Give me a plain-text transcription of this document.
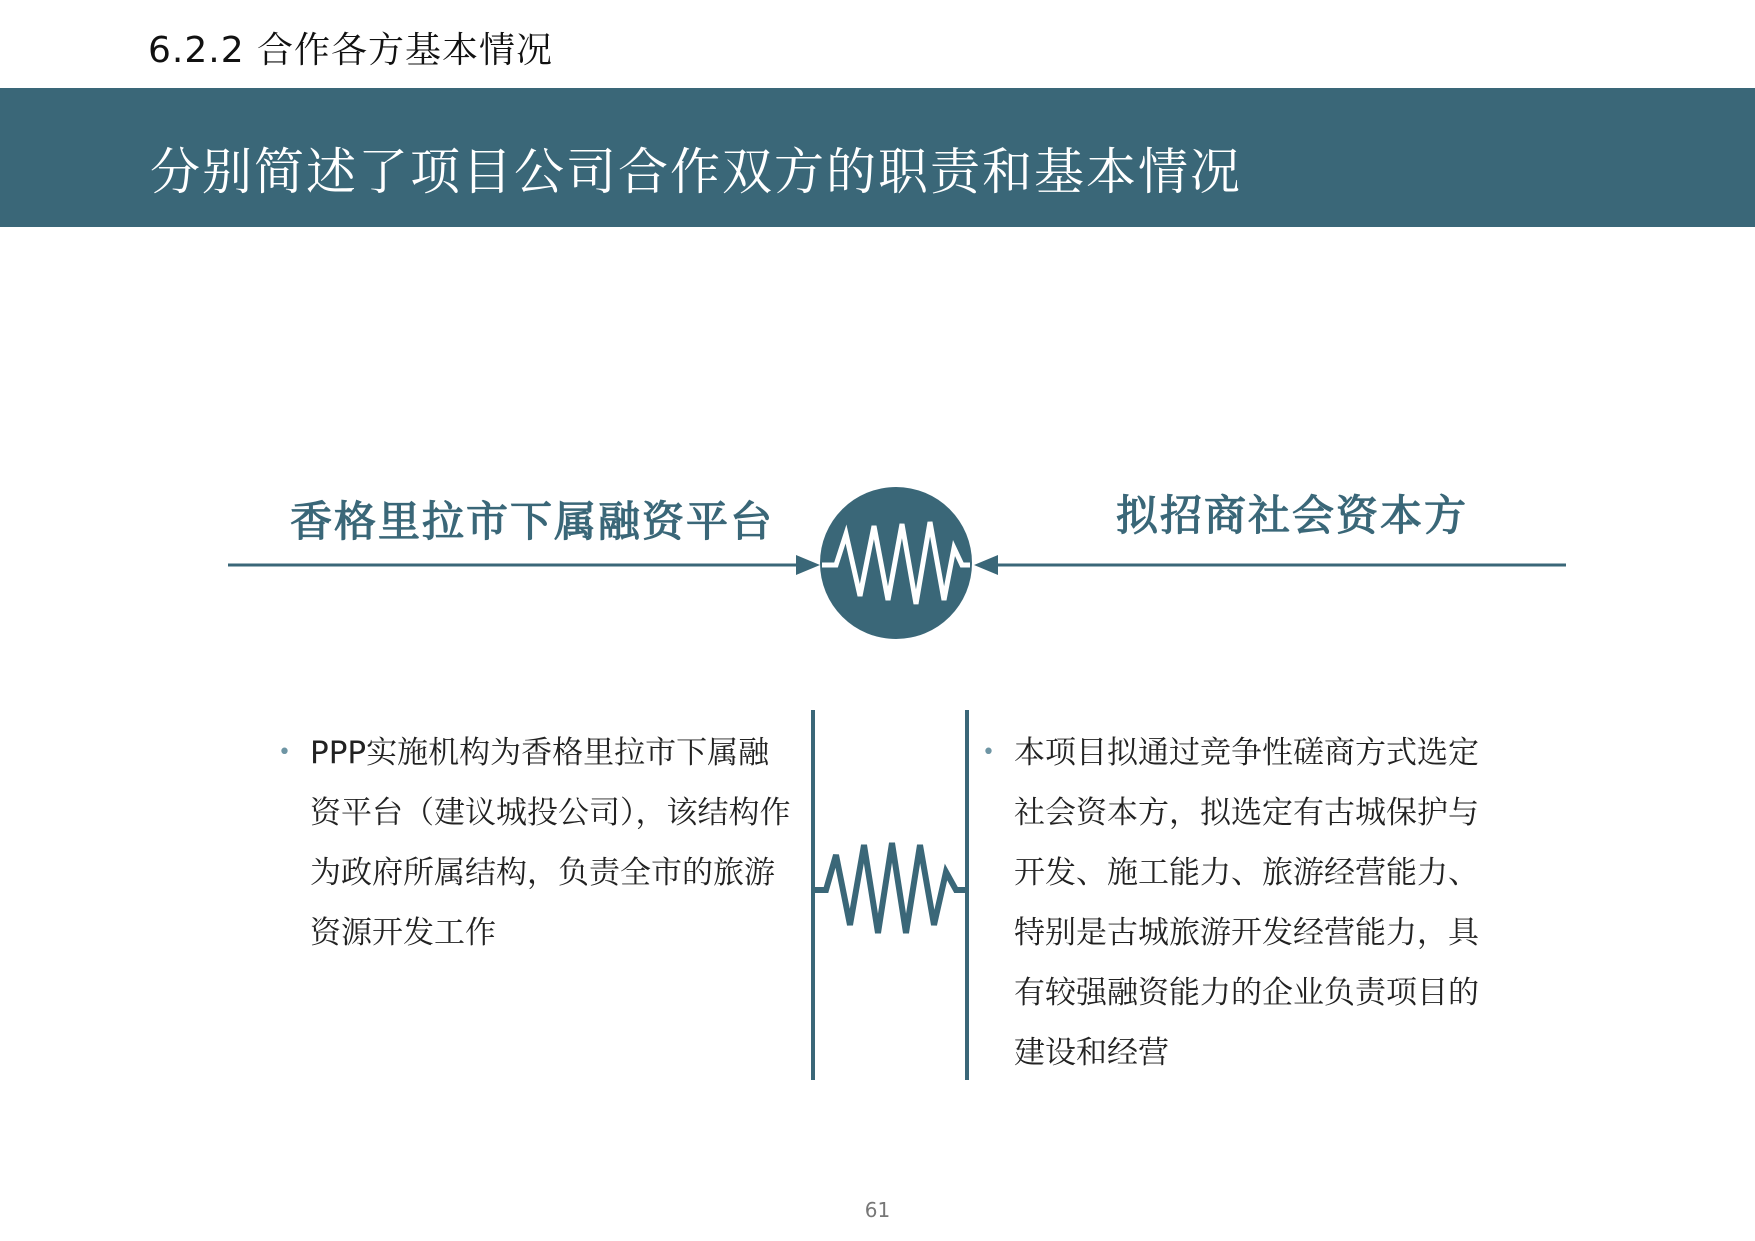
6.2.2 合作各方基本情况
分别简述了项目公司合作双方的职责和基本情况
香格里拉市下属融资平台	拟招商社会资本方
• PPP实施机构为香格里拉市下属融资平台（建议城投公司），该结构作为政府所属结构，负责全市的旅游资源开发工作
• 本项目拟通过竞争性磋商方式选定社会资本方，拟选定有古城保护与开发、施工能力、旅游经营能力、特别是古城旅游开发经营能力，具有较强融资能力的企业负责项目的建设和经营
61
